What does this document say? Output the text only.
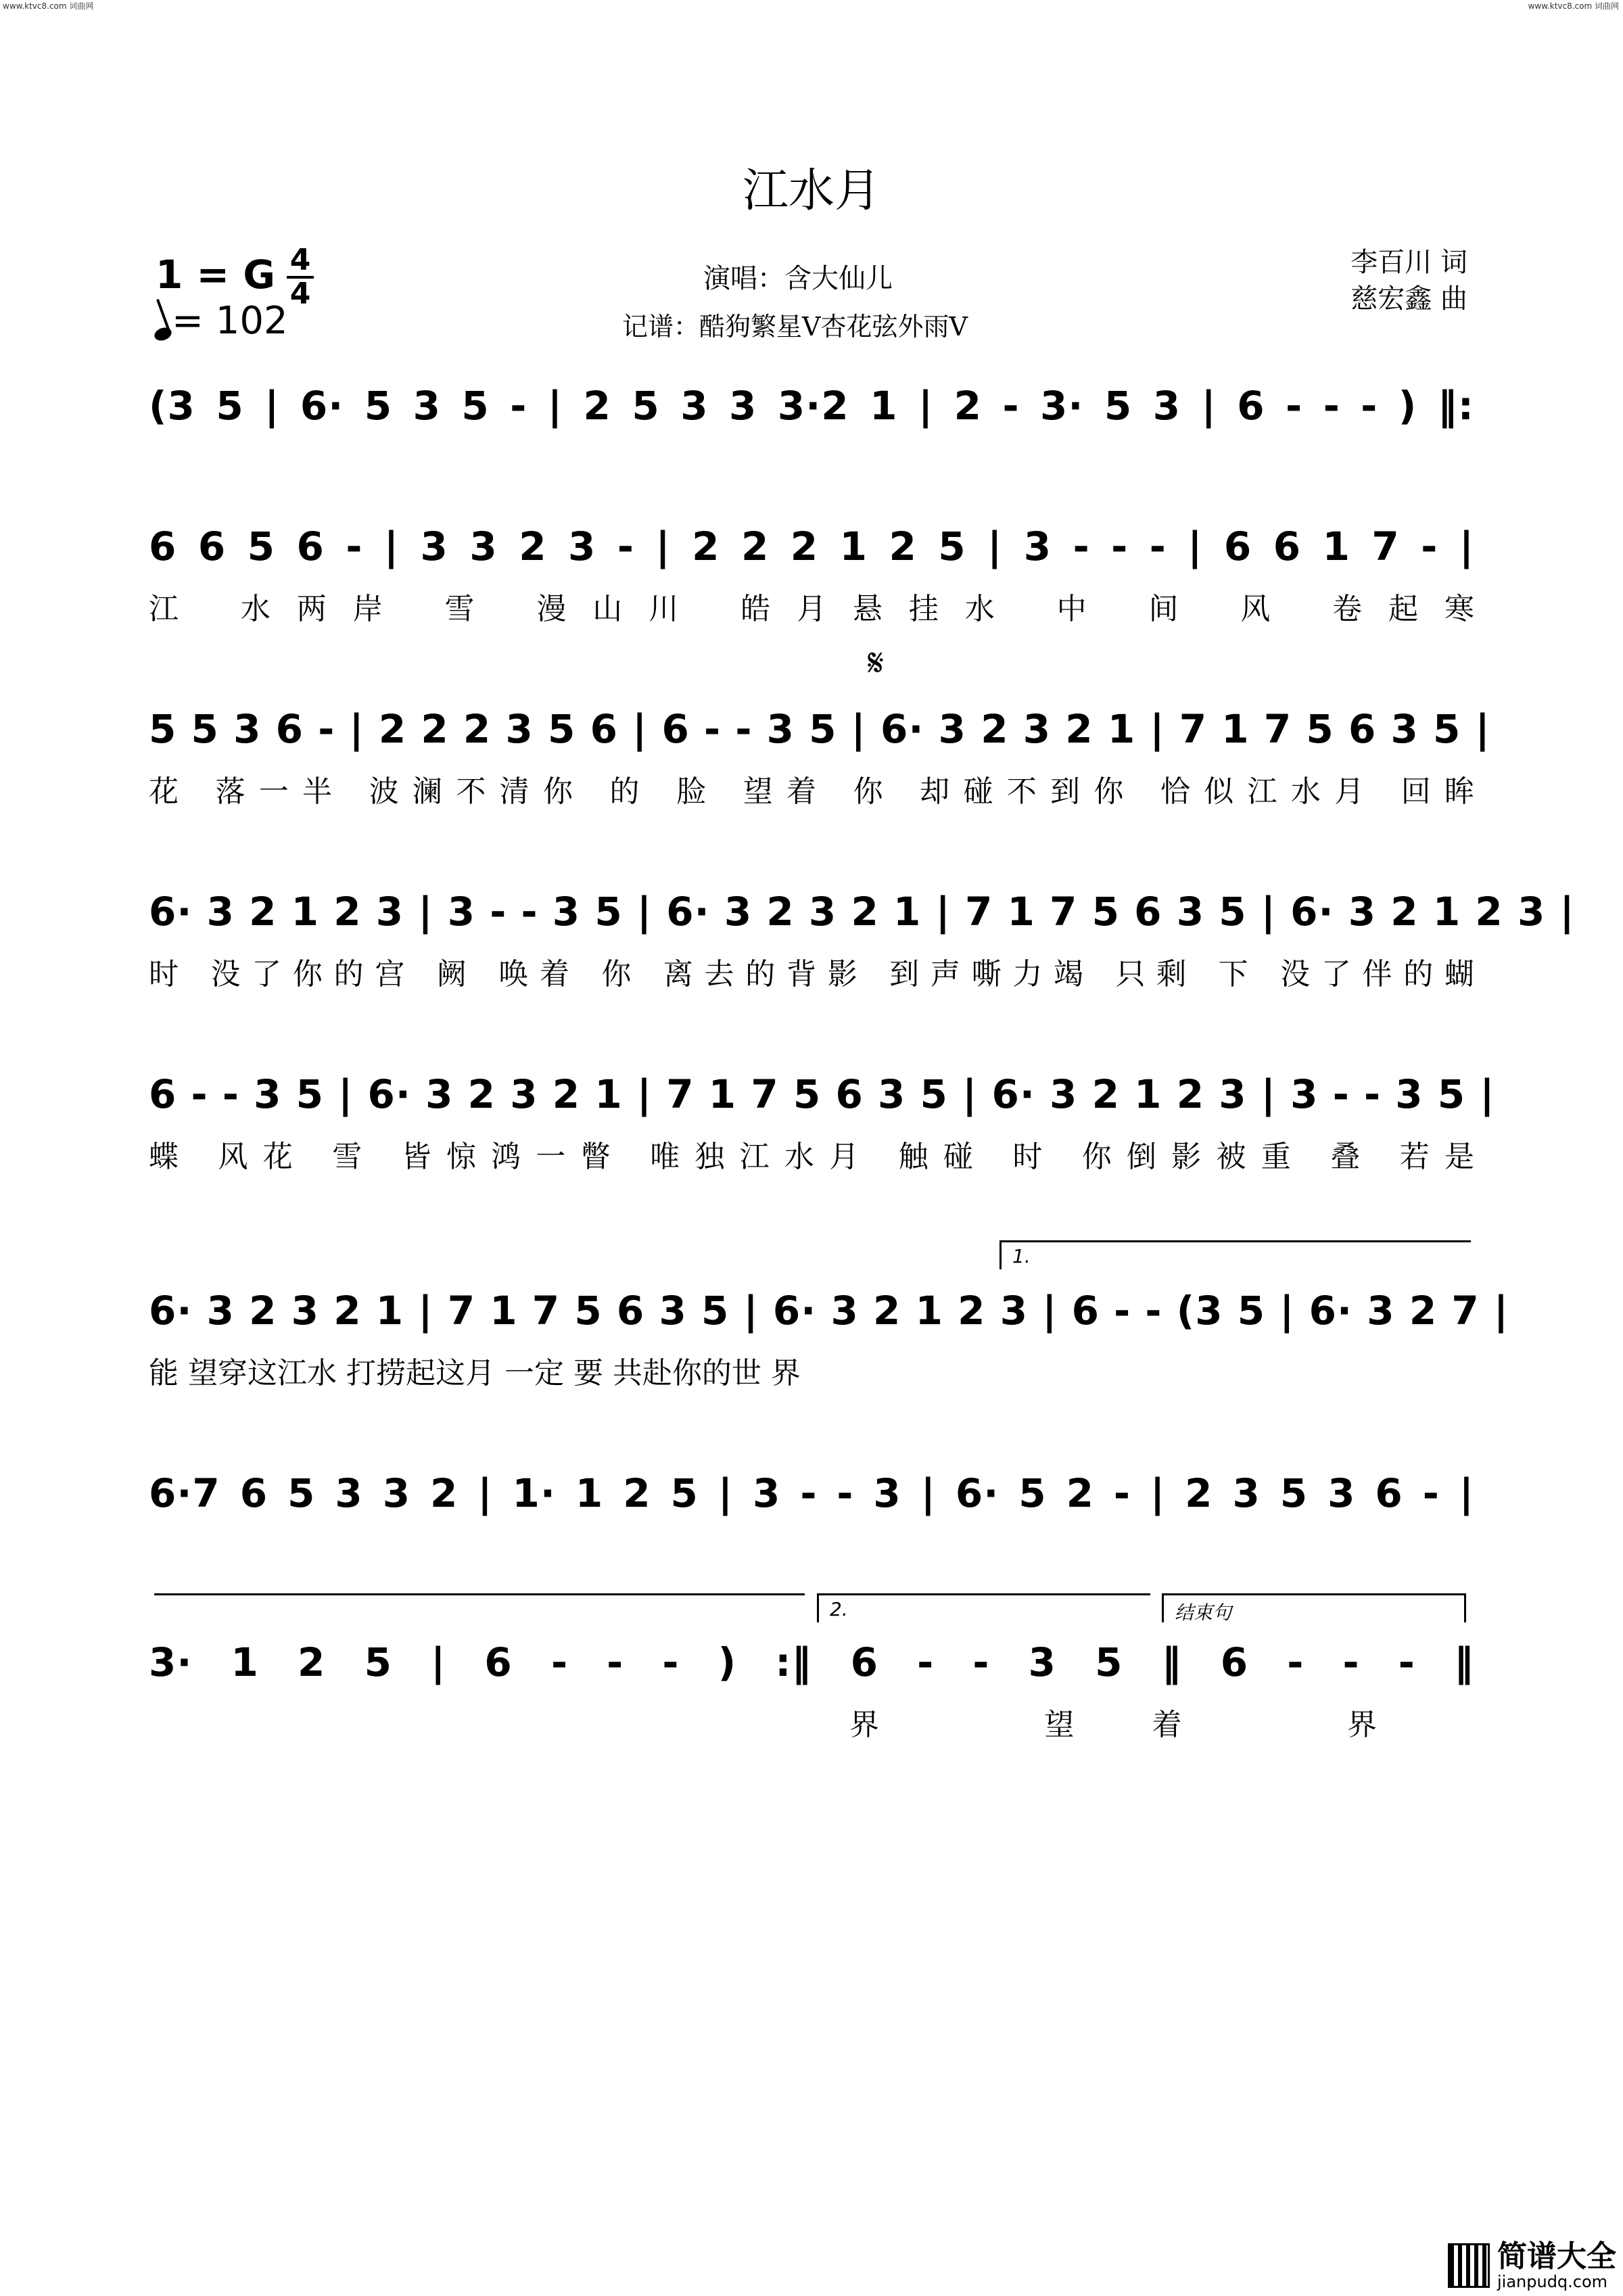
www.ktvc8.com 词曲网	www.ktvc8.com 词曲网
江水月
1 = G 4
4
= 102
演唱：含大仙儿
记谱：酷狗繁星V杏花弦外雨V
李百川 词
慈宏鑫 曲
𝄋
(3 5 | 6· 5 3 5 - | 2 5 3 3 3·2 1 | 2 - 3· 5 3 | 6 - - - ) ‖:
6 6 5 6 - | 3 3 2 3 - | 2 2 2 1 2 5 | 3 - - - | 6 6 1 7 - |
江 水两岸 雪 漫山川 皓月悬挂水 中 间 风 卷起寒
5 5 3 6 - | 2 2 2 3 5 6 | 6 - - 3 5 | 6· 3 2 3 2 1 | 7 1 7 5 6 3 5 |
花 落一半 波澜不清你 的 脸 望着 你 却碰不到你 恰似江水月 回眸
6· 3 2 1 2 3 | 3 - - 3 5 | 6· 3 2 3 2 1 | 7 1 7 5 6 3 5 | 6· 3 2 1 2 3 |
时 没了你的宫 阙 唤着 你 离去的背影 到声嘶力竭 只剩 下 没了伴的蝴
6 - - 3 5 | 6· 3 2 3 2 1 | 7 1 7 5 6 3 5 | 6· 3 2 1 2 3 | 3 - - 3 5 |
蝶 风花 雪 皆惊鸿一瞥 唯独江水月 触碰 时 你倒影被重 叠 若是
1.
6· 3 2 3 2 1 | 7 1 7 5 6 3 5 | 6· 3 2 1 2 3 | 6 - - (3 5 | 6· 3 2 7 |
能 望穿这江水 打捞起这月 一定 要 共赴你的世 界
6·7 6 5 3 3 2 | 1· 1 2 5 | 3 - - 3 | 6· 5 2 - | 2 3 5 3 6 - |
2.	结束句
3· 1 2 5 | 6 - - - ) :‖ 6 - - 3 5 ‖ 6 - - - ‖
界 望着 界

简谱大全
jianpudq.com
